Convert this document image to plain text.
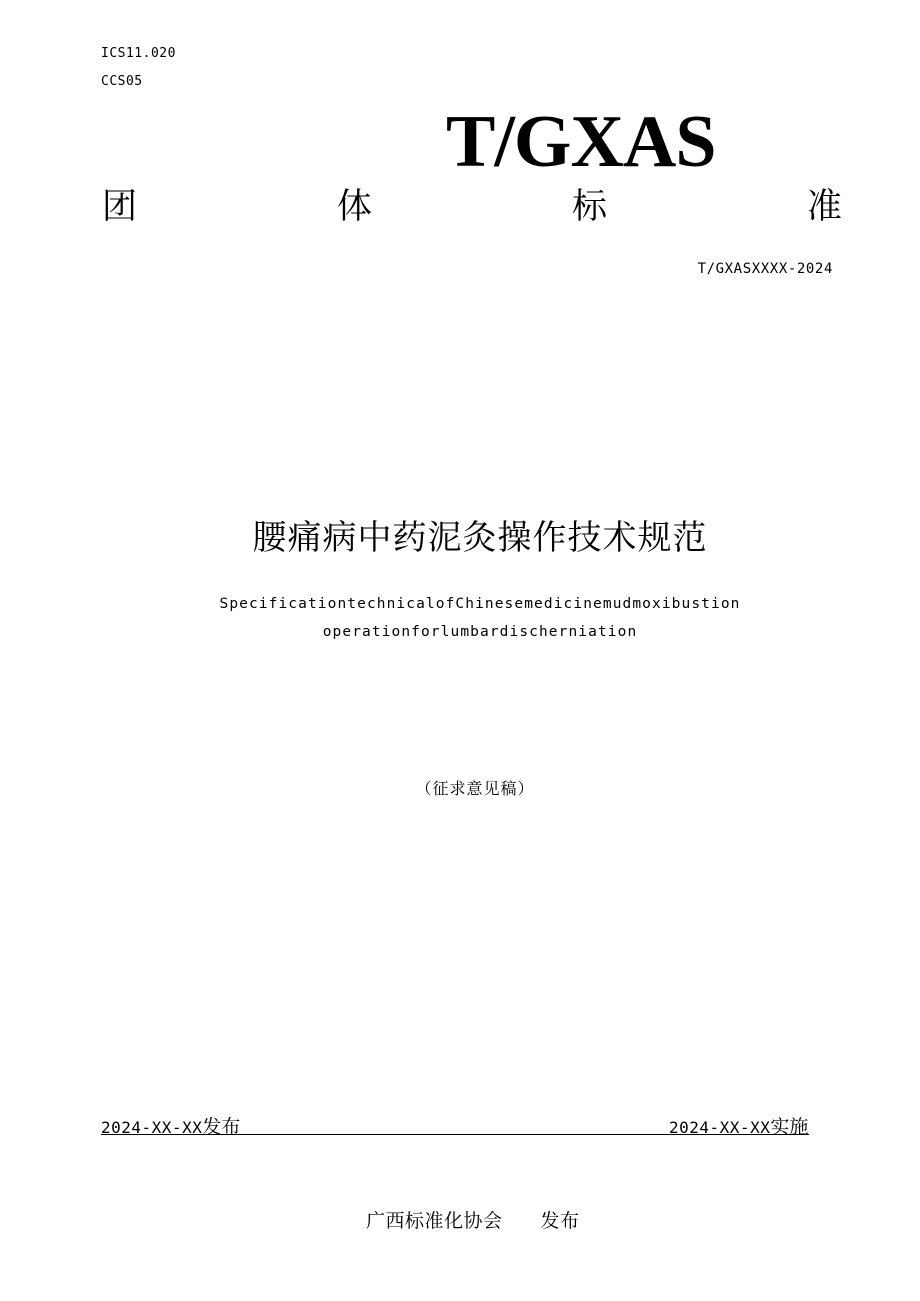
ICS11.020
CCS05
T/GXAS
团	体	标	准
T/GXASXXXX-2024
腰痛病中药泥灸操作技术规范
SpecificationtechnicalofChinesemedicinemudmoxibustion
operationforlumbardischerniation
（征求意见稿）
2024-XX-XX发布	2024-XX-XX实施
广西标准化协会 发布
